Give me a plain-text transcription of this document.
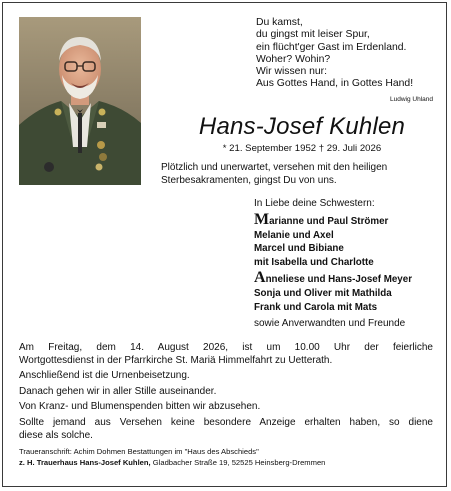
Du kamst,
du gingst mit leiser Spur,
ein flücht'ger Gast im Erdenland.
Woher? Wohin?
Wir wissen nur:
Aus Gottes Hand, in Gottes Hand!
Ludwig Uhland
Hans-Josef Kuhlen
* 21. September 1952 † 29. Juli 2026
Plötzlich und unerwartet, versehen mit den heiligen
Sterbesakramenten, gingst Du von uns.
In Liebe deine Schwestern:
Marianne und Paul Strömer
Melanie und Axel
Marcel und Bibiane
mit Isabella und Charlotte
Anneliese und Hans-Josef Meyer
Sonja und Oliver mit Mathilda
Frank und Carola mit Mats
sowie Anverwandten und Freunde
Am Freitag, dem 14. August 2026, ist um 10.00 Uhr der feierliche
Wortgottesdienst in der Pfarrkirche St. Mariä Himmelfahrt zu Uetterath.
Anschließend ist die Urnenbeisetzung.
Danach gehen wir in aller Stille auseinander.
Von Kranz- und Blumenspenden bitten wir abzusehen.
Sollte jemand aus Versehen keine besondere Anzeige erhalten haben, so diene
diese als solche.
Traueranschrift: Achim Dohmen Bestattungen im "Haus des Abschieds"
z. H. Trauerhaus Hans-Josef Kuhlen, Gladbacher Straße 19, 52525 Heinsberg-Dremmen
